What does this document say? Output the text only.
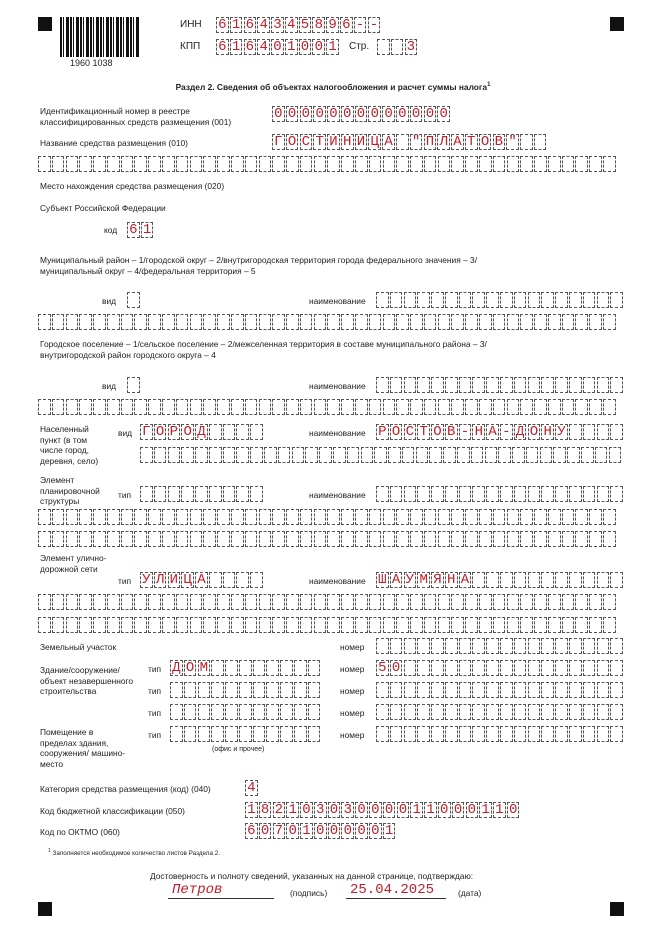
1960 1038
ИНН 6 1 6 4 3 4 5 8 9 6 - -
КПП 6 1 6 4 0 1 0 0 1 Стр.	3
Раздел 2. Сведения об объектах налогообложения и расчет суммы налога$^1$
Идентификационный номер в реестре классифицированных средств размещения (001)	0 0 0 0 0 0 0 0 0 0 0 0 0
Название средства размещения (010)	Г О С Т И Н И Ц А " П Л А Т О В "
Место нахождения средства размещения (020)
Субъект Российской Федерации
код 6 1
Муниципальный район – 1/городской округ – 2/внутригородская территория города федерального значения – 3/ муниципальный округ – 4/федеральная территория – 5
вид	наименование
Городское поселение – 1/сельское поселение – 2/межселенная территория в составе муниципального района – 3/ внутригородской район городского округа – 4
вид	наименование
Населенный пункт (в том числе город, деревня, село)
вид Г О Р О Д	наименование Р О С Т О В - Н А - Д О Н У
Элемент планировочной структуры
тип	наименование
Элемент улично-дорожной сети
тип У Л И Ц А	наименование Ш А У М Я Н А
Земельный участок	номер
Здание/сооружение/ объект незавершенного строительства
тип Д О М	номер 5 0
тип	номер
тип	номер
Помещение в пределах здания, сооружения/ машино-место
тип	номер
(офис и прочее)
Категория средства размещения (код) (040)	4
Код бюджетной классификации (050)	1 8 2 1 0 3 0 3 0 0 0 0 1 1 0 0 0 1 1 0
Код по ОКТМО (060)	6 0 7 0 1 0 0 0 0 0 1
$^1$ Заполняется необходимое количество листов Раздела 2.
Достоверность и полноту сведений, указанных на данной странице, подтверждаю:
Петров	(подпись) 25.04.2025	(дата)
